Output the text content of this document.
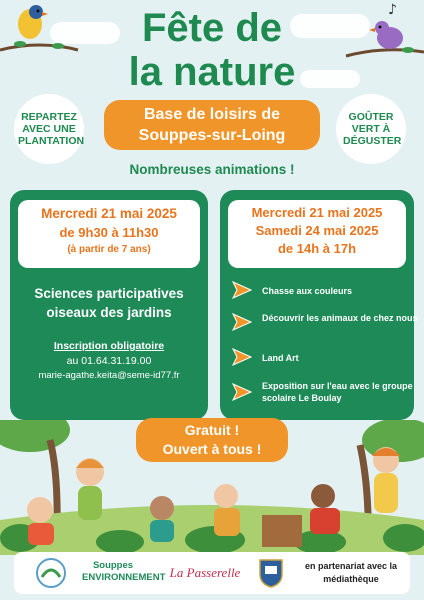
♪
Fête de
la nature
REPARTEZ AVEC UNE PLANTATION
GOÛTER VERT À DÉGUSTER
Base de loisirs de Souppes-sur-Loing
Nombreuses animations !
Mercredi 21 mai 2025
de 9h30 à 11h30
(à partir de 7 ans)
Sciences participatives oiseaux des jardins
Inscription obligatoire
au 01.64.31.19.00
marie-agathe.keita@seme-id77.fr
Mercredi 21 mai 2025
Samedi 24 mai 2025
de 14h à 17h
Chasse aux couleurs
Découvrir les animaux de chez nous
Land Art
Exposition sur l'eau avec le groupe scolaire Le Boulay
Gratuit !
Ouvert à tous !
Souppes ENVIRONNEMENT La Passerelle	en partenariat avec la médiathèque
